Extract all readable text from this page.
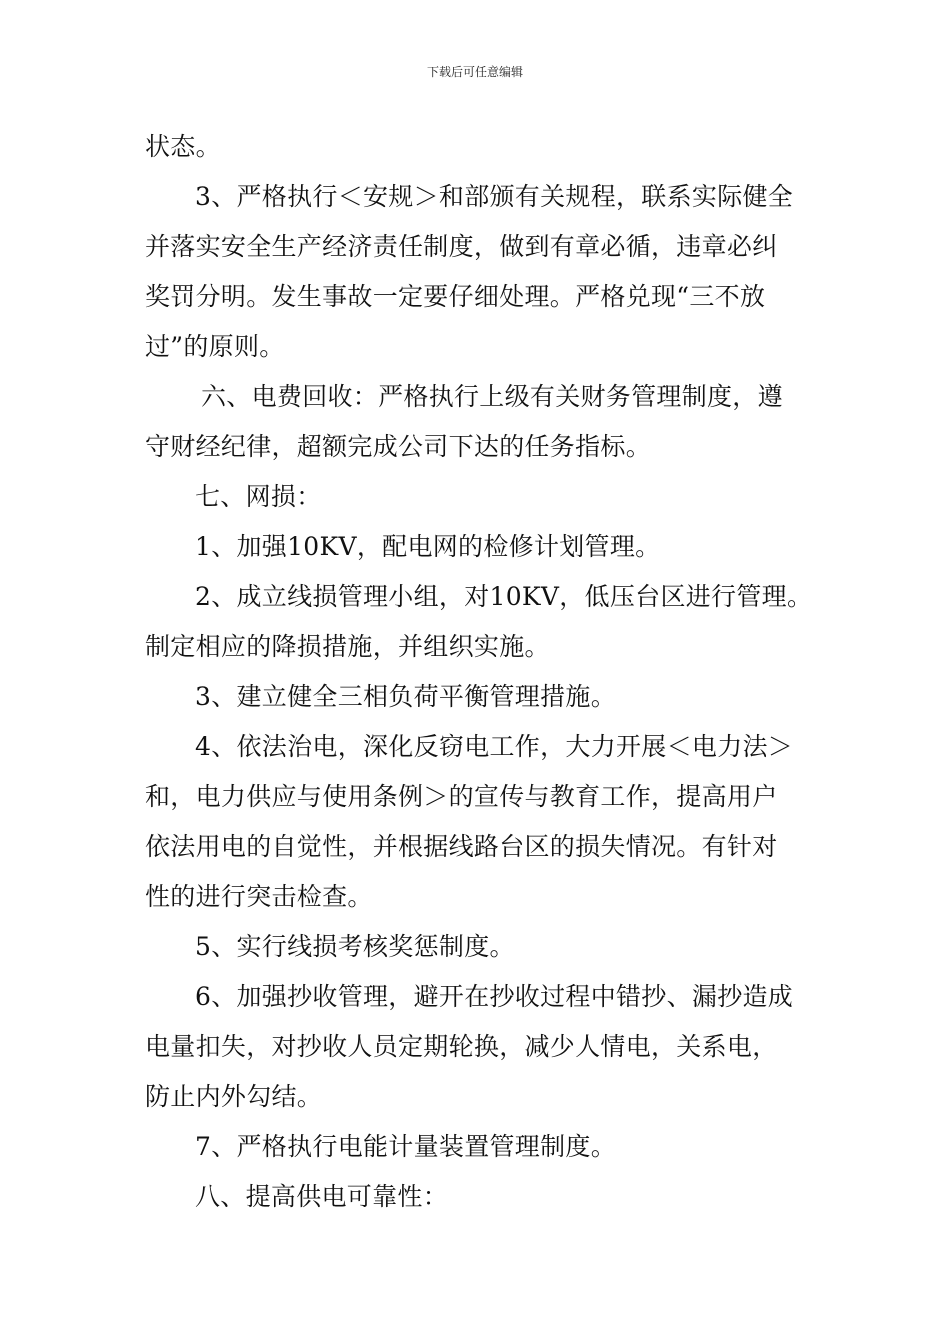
下载后可任意编辑
状态。
3、严格执行＜安规＞和部颁有关规程，联系实际健全
并落实安全生产经济责任制度，做到有章必循，违章必纠
奖罚分明。发生事故一定要仔细处理。严格兑现“三不放
过”的原则。
六、电费回收：严格执行上级有关财务管理制度，遵
守财经纪律，超额完成公司下达的任务指标。
七、网损：
1、加强10KV，配电网的检修计划管理。
2、成立线损管理小组，对10KV，低压台区进行管理。
制定相应的降损措施，并组织实施。
3、建立健全三相负荷平衡管理措施。
4、依法治电，深化反窃电工作，大力开展＜电力法＞
和，电力供应与使用条例＞的宣传与教育工作，提高用户
依法用电的自觉性，并根据线路台区的损失情况。有针对
性的进行突击检查。
5、实行线损考核奖惩制度。
6、加强抄收管理，避开在抄收过程中错抄、漏抄造成
电量扣失，对抄收人员定期轮换，减少人情电，关系电，
防止内外勾结。
7、严格执行电能计量装置管理制度。
八、提高供电可靠性：
